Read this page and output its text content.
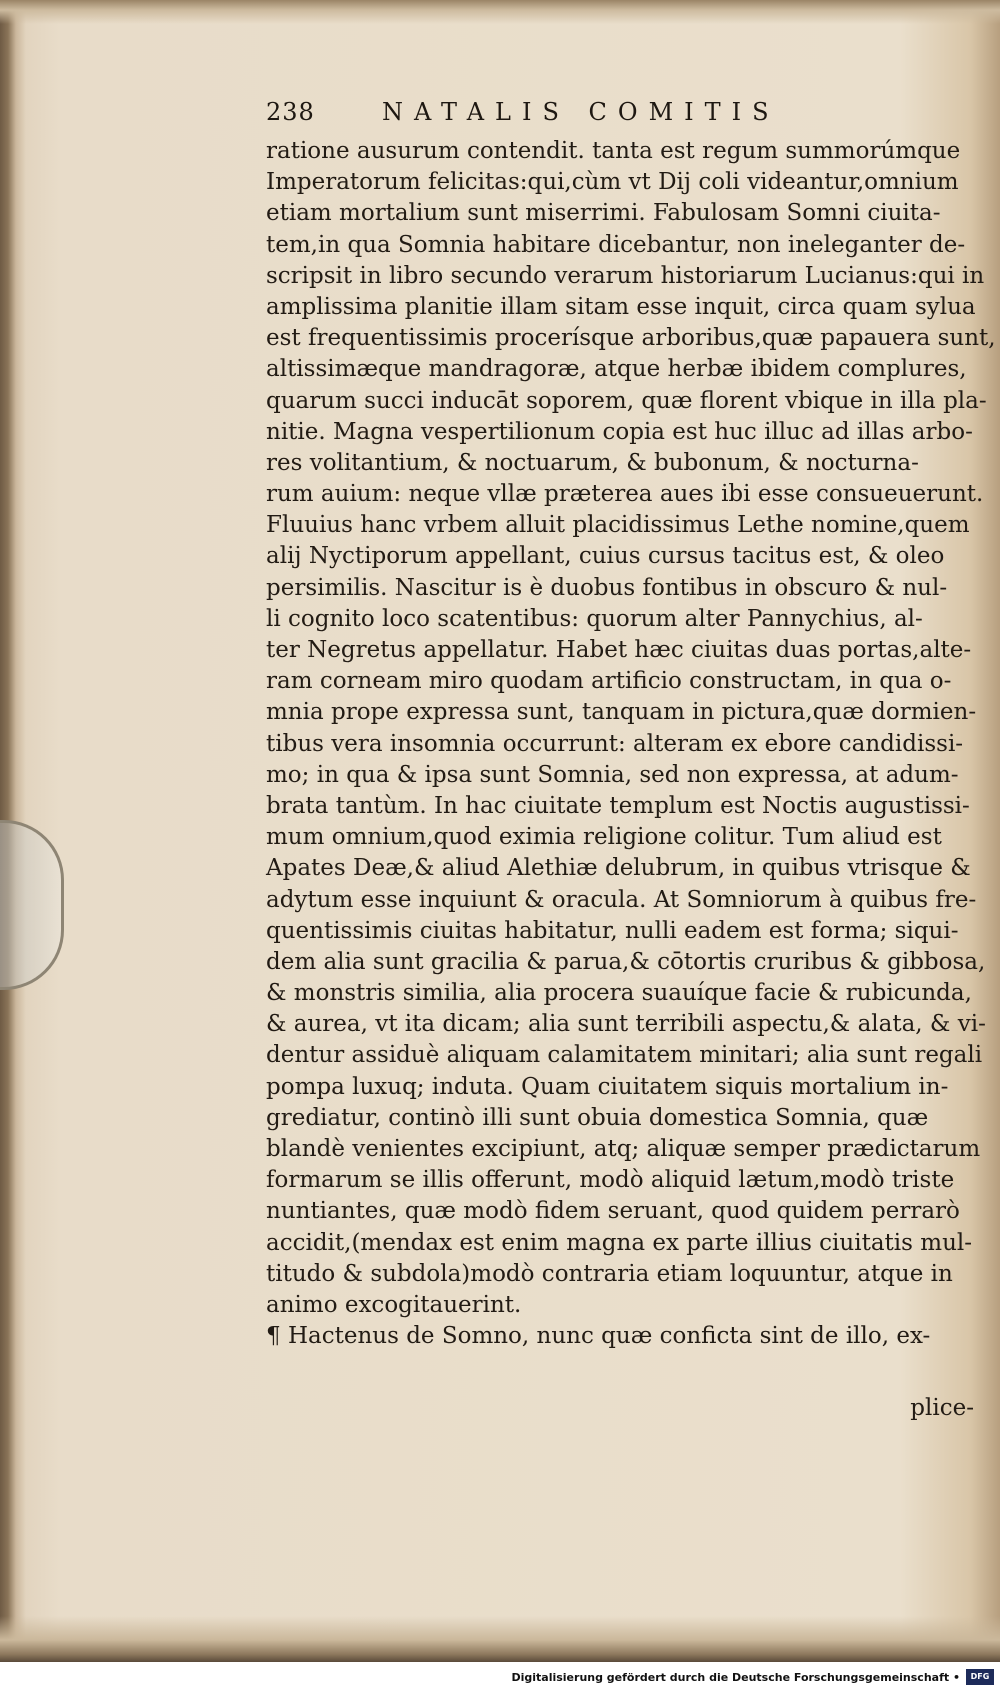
238	NATALIS COMITIS
ratione ausurum contendit. tanta est regum summorúmque
Imperatorum felicitas:qui,cùm vt Dij coli videantur,omnium
etiam mortalium sunt miserrimi. Fabulosam Somni ciuita-
tem,in qua Somnia habitare dicebantur, non ineleganter de-
scripsit in libro secundo verarum historiarum Lucianus:qui in
amplissima planitie illam sitam esse inquit, circa quam sylua
est frequentissimis procerísque arboribus,quæ papauera sunt,
altissimæque mandragoræ, atque herbæ ibidem complures,
quarum succi inducāt soporem, quæ florent vbique in illa pla-
nitie. Magna vespertilionum copia est huc illuc ad illas arbo-
res volitantium, & noctuarum, & bubonum, & nocturna-
rum auium: neque vllæ præterea aues ibi esse consueuerunt.
Fluuius hanc vrbem alluit placidissimus Lethe nomine,quem
alij Nyctiporum appellant, cuius cursus tacitus est, & oleo
persimilis. Nascitur is è duobus fontibus in obscuro & nul-
li cognito loco scatentibus: quorum alter Pannychius, al-
ter Negretus appellatur. Habet hæc ciuitas duas portas,alte-
ram corneam miro quodam artificio constructam, in qua o-
mnia prope expressa sunt, tanquam in pictura,quæ dormien-
tibus vera insomnia occurrunt: alteram ex ebore candidissi-
mo; in qua & ipsa sunt Somnia, sed non expressa, at adum-
brata tantùm. In hac ciuitate templum est Noctis augustissi-
mum omnium,quod eximia religione colitur. Tum aliud est
Apates Deæ,& aliud Alethiæ delubrum, in quibus vtrisque &
adytum esse inquiunt & oracula. At Somniorum à quibus fre-
quentissimis ciuitas habitatur, nulli eadem est forma; siqui-
dem alia sunt gracilia & parua,& cōtortis cruribus & gibbosa,
& monstris similia, alia procera suauíque facie & rubicunda,
& aurea, vt ita dicam; alia sunt terribili aspectu,& alata, & vi-
dentur assiduè aliquam calamitatem minitari; alia sunt regali
pompa luxuq; induta. Quam ciuitatem siquis mortalium in-
grediatur, continò illi sunt obuia domestica Somnia, quæ
blandè venientes excipiunt, atq; aliquæ semper prædictarum
formarum se illis offerunt, modò aliquid lætum,modò triste
nuntiantes, quæ modò fidem seruant, quod quidem perrarò
accidit,(mendax est enim magna ex parte illius ciuitatis mul-
titudo & subdola)modò contraria etiam loquuntur, atque in
animo excogitauerint.
¶ Hactenus de Somno, nunc quæ conficta sint de illo, ex-
plice-
Digitalisierung gefördert durch die Deutsche Forschungsgemeinschaft •	DFG
